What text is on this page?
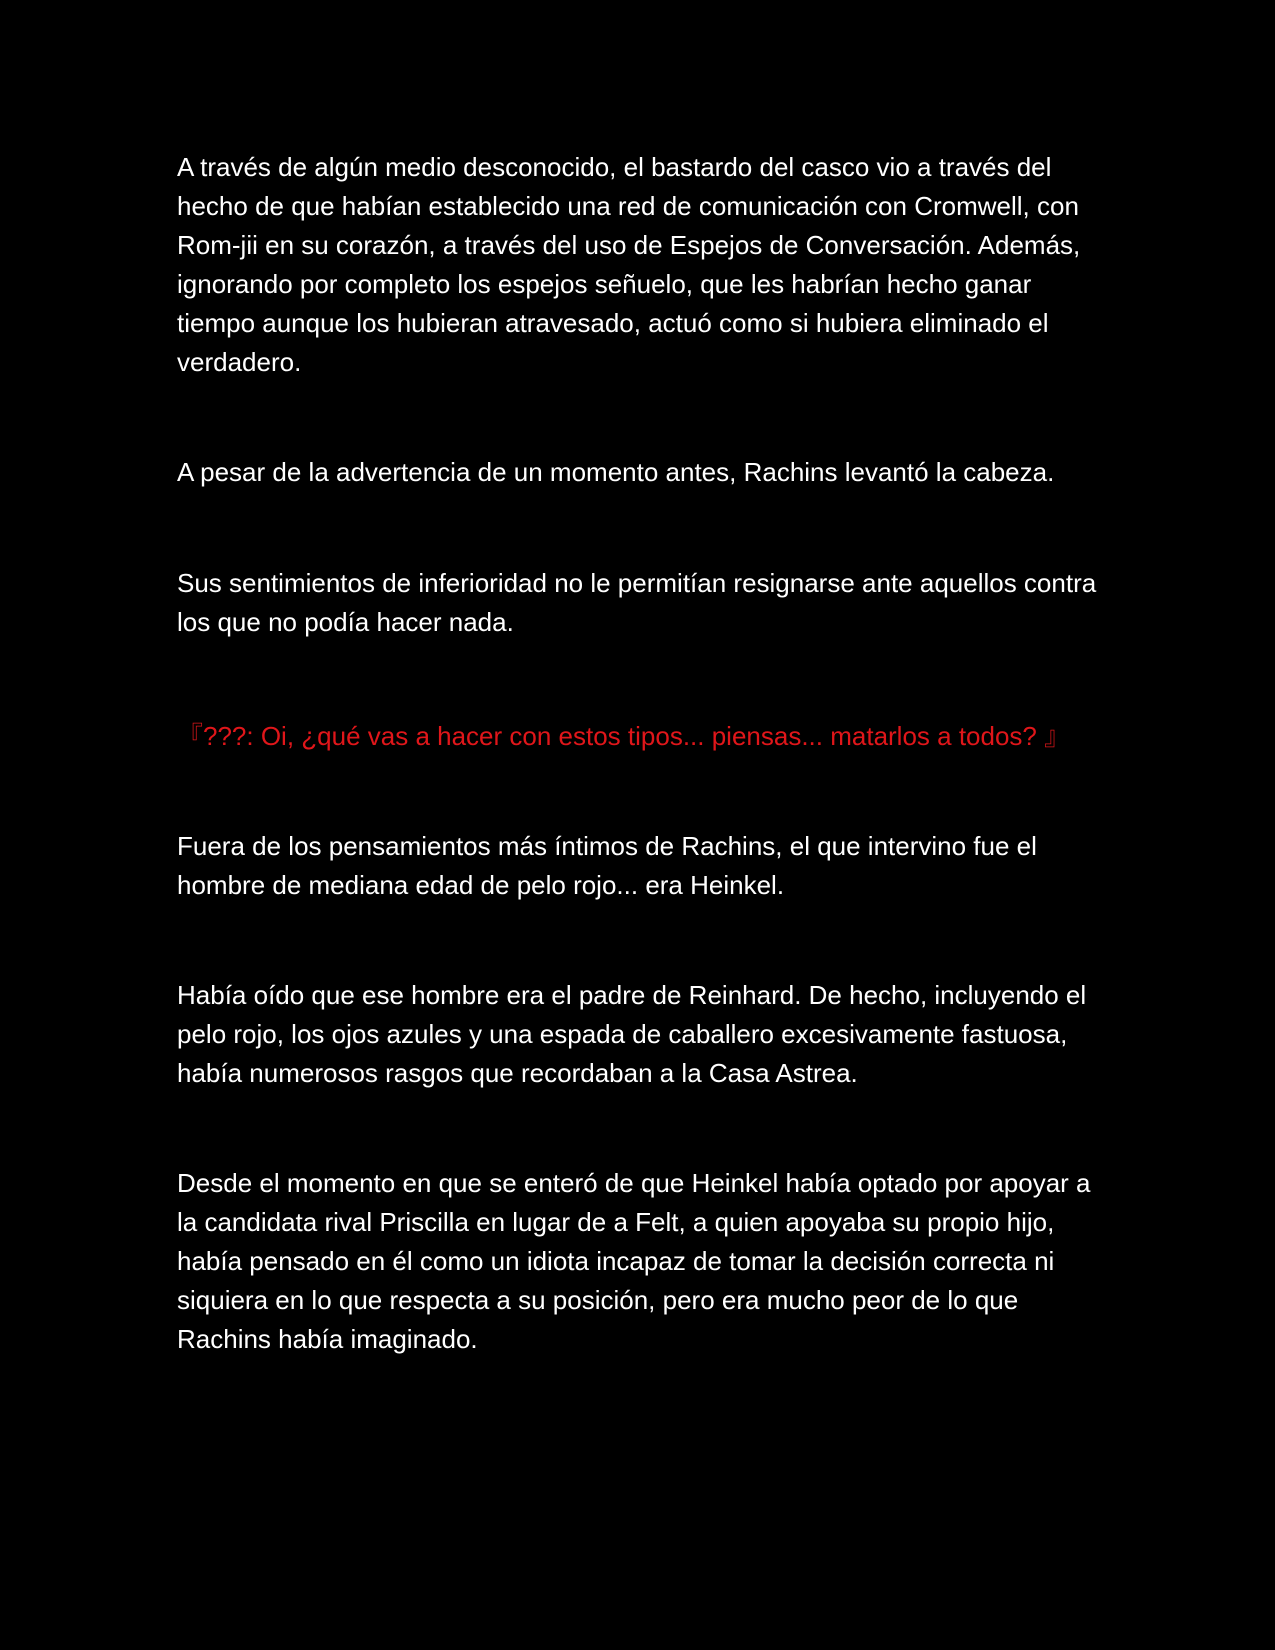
A través de algún medio desconocido, el bastardo del casco vio a través del hecho de que habían establecido una red de comunicación con Cromwell, con Rom-jii en su corazón, a través del uso de Espejos de Conversación. Además, ignorando por completo los espejos señuelo, que les habrían hecho ganar tiempo aunque los hubieran atravesado, actuó como si hubiera eliminado el verdadero.

A pesar de la advertencia de un momento antes, Rachins levantó la cabeza.

Sus sentimientos de inferioridad no le permitían resignarse ante aquellos contra los que no podía hacer nada.

『???: Oi, ¿qué vas a hacer con estos tipos... piensas... matarlos a todos? 』

Fuera de los pensamientos más íntimos de Rachins, el que intervino fue el hombre de mediana edad de pelo rojo... era Heinkel.

Había oído que ese hombre era el padre de Reinhard. De hecho, incluyendo el pelo rojo, los ojos azules y una espada de caballero excesivamente fastuosa, había numerosos rasgos que recordaban a la Casa Astrea.

Desde el momento en que se enteró de que Heinkel había optado por apoyar a la candidata rival Priscilla en lugar de a Felt, a quien apoyaba su propio hijo, había pensado en él como un idiota incapaz de tomar la decisión correcta ni siquiera en lo que respecta a su posición, pero era mucho peor de lo que Rachins había imaginado.
